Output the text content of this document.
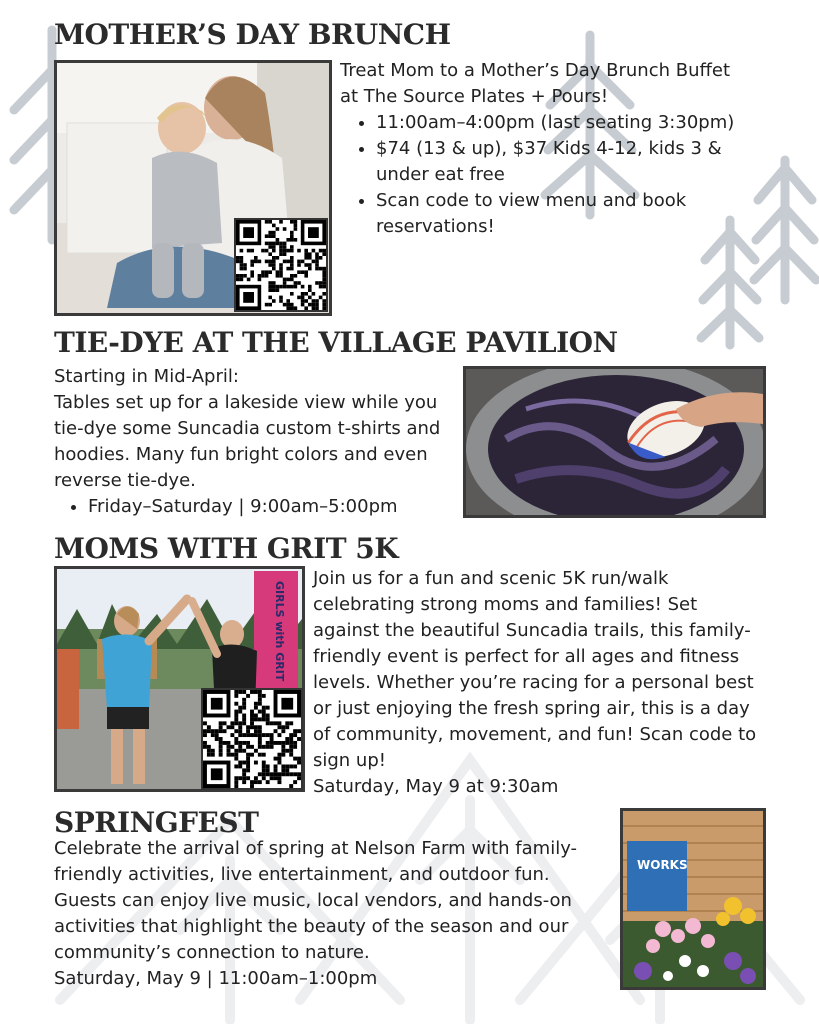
MOTHER’S DAY BRUNCH

Treat Mom to a Mother’s Day Brunch Buffet at The Source Plates + Pours!

• 11:00am–4:00pm (last seating 3:30pm)
• $74 (13 & up), $37 Kids 4-12, kids 3 & under eat free
• Scan code to view menu and book reservations!
TIE-DYE AT THE VILLAGE PAVILION

Starting in Mid-April:

Tables set up for a lakeside view while you tie-dye some Suncadia custom t-shirts and hoodies. Many fun bright colors and even reverse tie-dye.

• Friday–Saturday | 9:00am–5:00pm
MOMS WITH GRIT 5K
GIRLS with GRIT

Join us for a fun and scenic 5K run/walk celebrating strong moms and families! Set against the beautiful Suncadia trails, this family-friendly event is perfect for all ages and fitness levels. Whether you’re racing for a personal best or just enjoying the fresh spring air, this is a day of community, movement, and fun! Scan code to sign up!

Saturday, May 9 at 9:30am

SPRINGFEST

Celebrate the arrival of spring at Nelson Farm with family-friendly activities, live entertainment, and outdoor fun. Guests can enjoy live music, local vendors, and hands-on activities that highlight the beauty of the season and our community’s connection to nature.

Saturday, May 9 | 11:00am–1:00pm

WORKS
